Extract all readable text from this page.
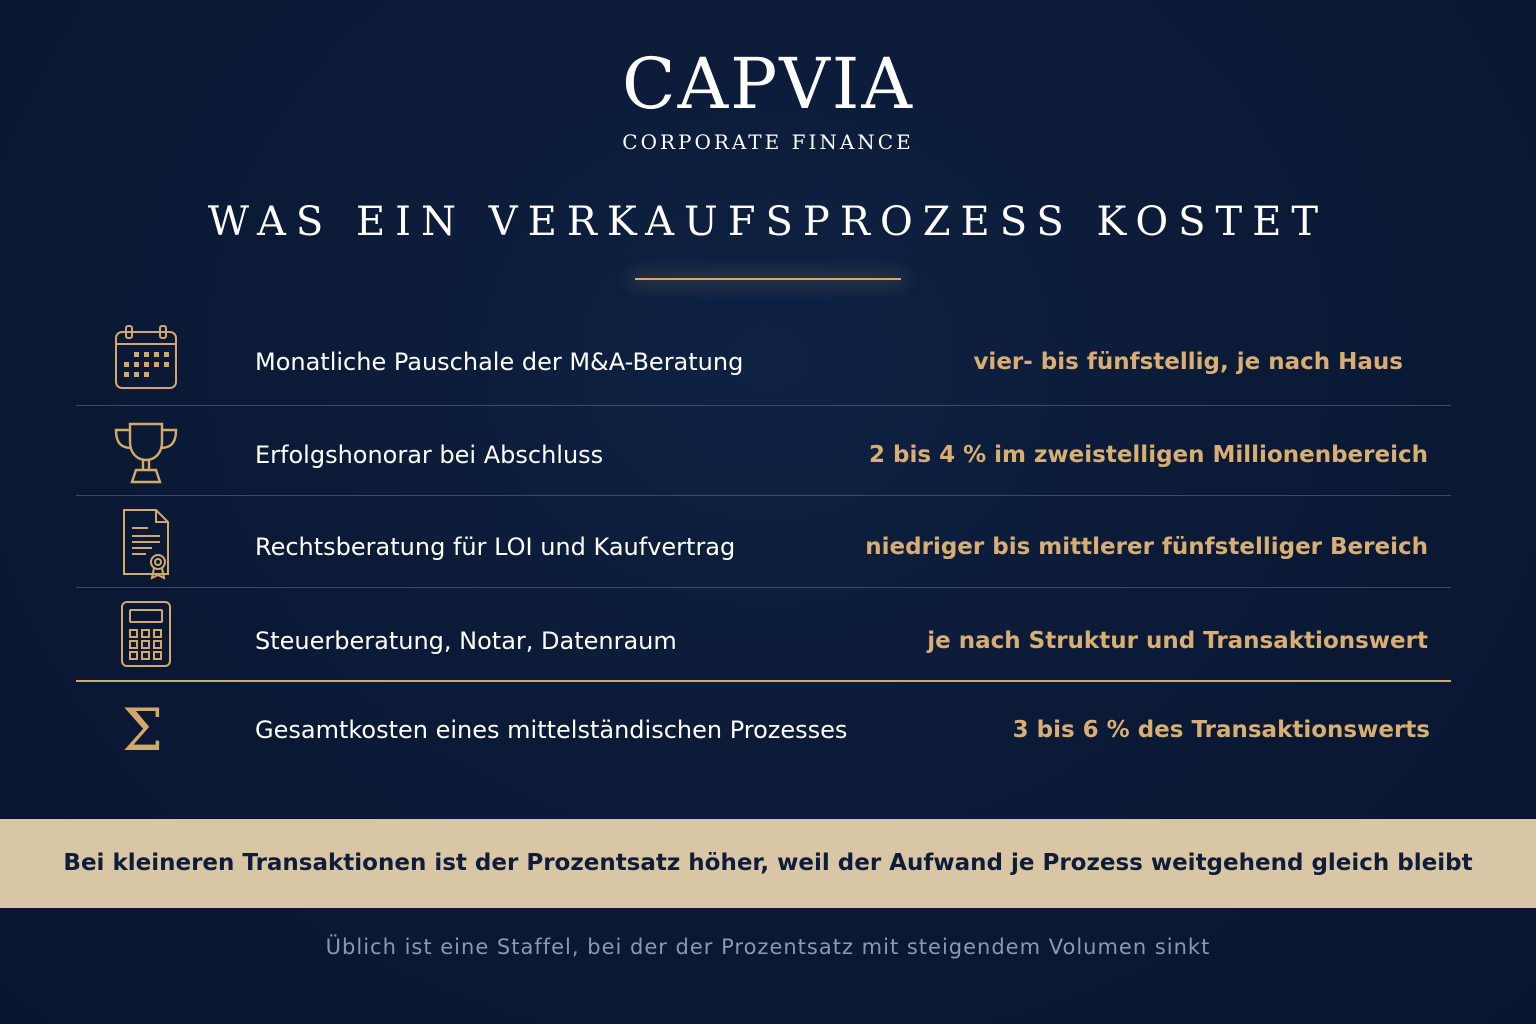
CAPVIA
CORPORATE FINANCE
WAS EIN VERKAUFSPROZESS KOSTET
Monatliche Pauschale der M&A-Beratung	vier- bis fünfstellig, je nach Haus
Erfolgshonorar bei Abschluss	2 bis 4 % im zweistelligen Millionenbereich
Rechtsberatung für LOI und Kaufvertrag	niedriger bis mittlerer fünfstelliger Bereich
Steuerberatung, Notar, Datenraum	je nach Struktur und Transaktionswert
Σ	Gesamtkosten eines mittelständischen Prozesses	3 bis 6 % des Transaktionswerts
Bei kleineren Transaktionen ist der Prozentsatz höher, weil der Aufwand je Prozess weitgehend gleich bleibt
Üblich ist eine Staffel, bei der der Prozentsatz mit steigendem Volumen sinkt
